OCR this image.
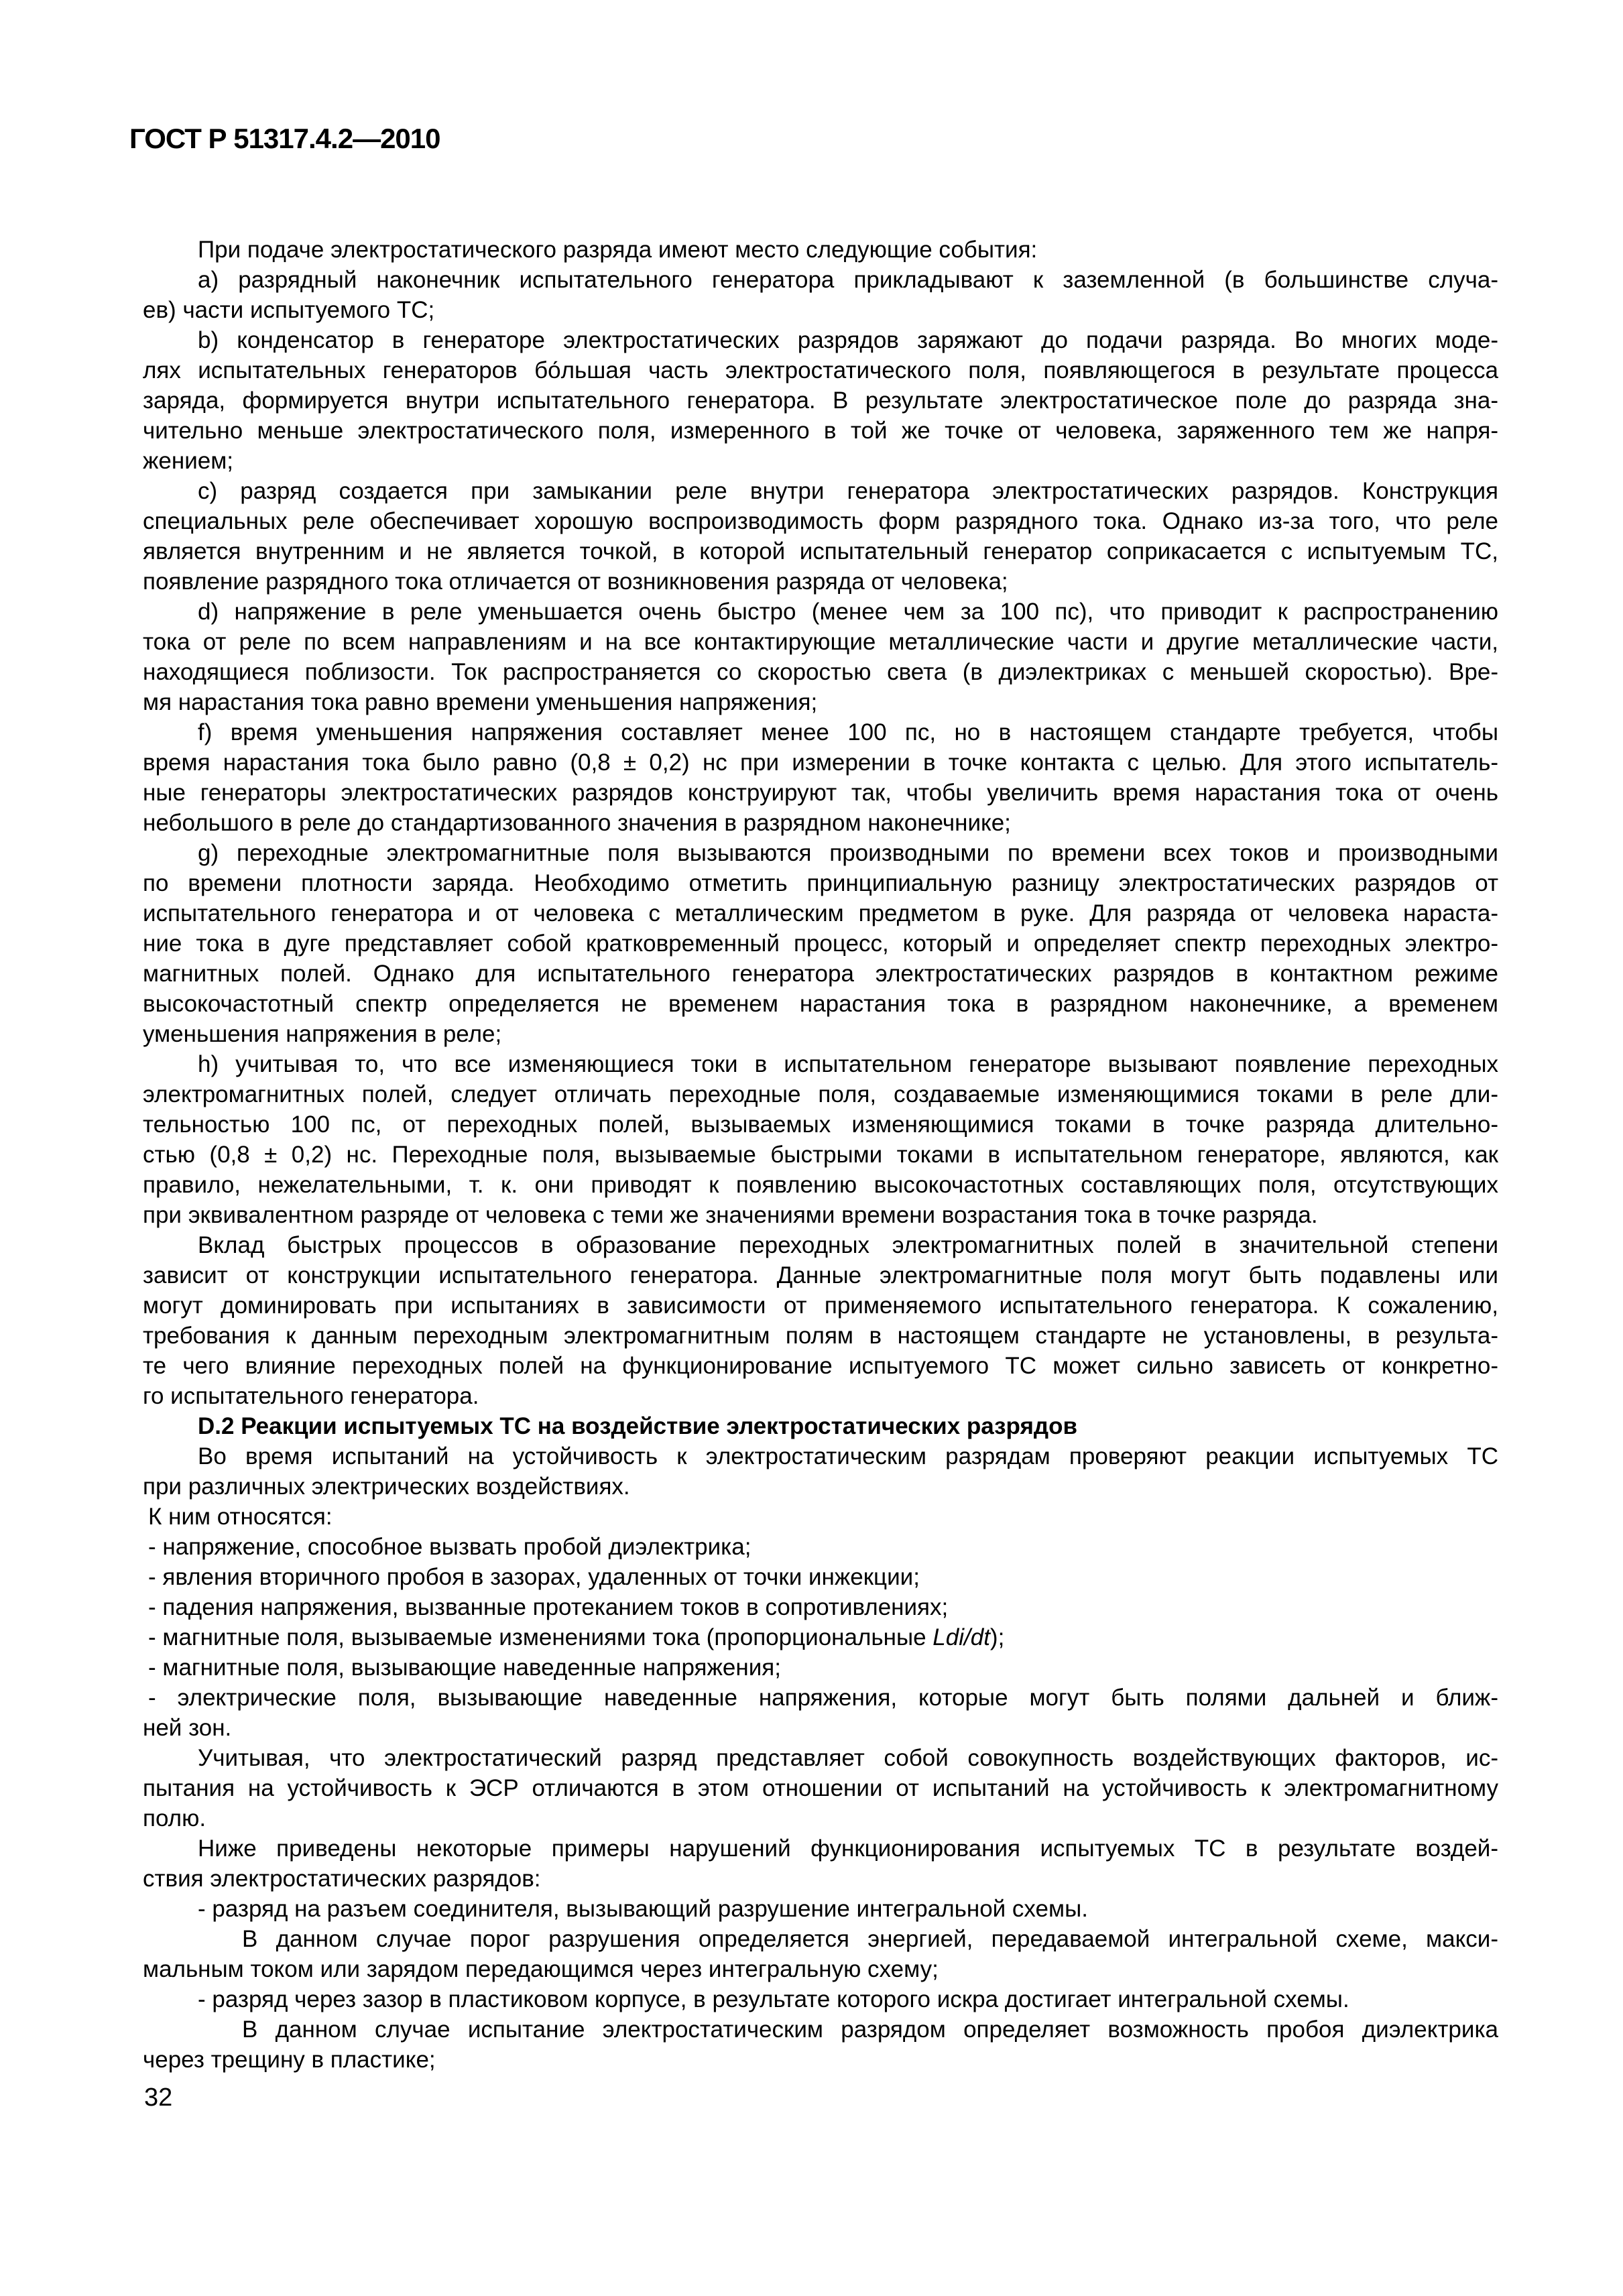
ГОСТ Р 51317.4.2—2010
При подаче электростатического разряда имеют место следующие события:
a) разрядный наконечник испытательного генератора прикладывают к заземленной (в большинстве случа-
ев) части испытуемого ТС;
b) конденсатор в генераторе электростатических разрядов заряжают до подачи разряда. Во многих моде-
лях испытательных генераторов бо́льшая часть электростатического поля, появляющегося в результате процесса
заряда, формируется внутри испытательного генератора. В результате электростатическое поле до разряда зна-
чительно меньше электростатического поля, измеренного в той же точке от человека, заряженного тем же напря-
жением;
c) разряд создается при замыкании реле внутри генератора электростатических разрядов. Конструкция
специальных реле обеспечивает хорошую воспроизводимость форм разрядного тока. Однако из-за того, что реле
является внутренним и не является точкой, в которой испытательный генератор соприкасается с испытуемым ТС,
появление разрядного тока отличается от возникновения разряда от человека;
d) напряжение в реле уменьшается очень быстро (менее чем за 100 пс), что приводит к распространению
тока от реле по всем направлениям и на все контактирующие металлические части и другие металлические части,
находящиеся поблизости. Ток распространяется со скоростью света (в диэлектриках с меньшей скоростью). Вре-
мя нарастания тока равно времени уменьшения напряжения;
f) время уменьшения напряжения составляет менее 100 пс, но в настоящем стандарте требуется, чтобы
время нарастания тока было равно (0,8 ± 0,2) нс при измерении в точке контакта с целью. Для этого испытатель-
ные генераторы электростатических разрядов конструируют так, чтобы увеличить время нарастания тока от очень
небольшого в реле до стандартизованного значения в разрядном наконечнике;
g) переходные электромагнитные поля вызываются производными по времени всех токов и производными
по времени плотности заряда. Необходимо отметить принципиальную разницу электростатических разрядов от
испытательного генератора и от человека с металлическим предметом в руке. Для разряда от человека нараста-
ние тока в дуге представляет собой кратковременный процесс, который и определяет спектр переходных электро-
магнитных полей. Однако для испытательного генератора электростатических разрядов в контактном режиме
высокочастотный спектр определяется не временем нарастания тока в разрядном наконечнике, а временем
уменьшения напряжения в реле;
h) учитывая то, что все изменяющиеся токи в испытательном генераторе вызывают появление переходных
электромагнитных полей, следует отличать переходные поля, создаваемые изменяющимися токами в реле дли-
тельностью 100 пс, от переходных полей, вызываемых изменяющимися токами в точке разряда длительно-
стью (0,8 ± 0,2) нс. Переходные поля, вызываемые быстрыми токами в испытательном генераторе, являются, как
правило, нежелательными, т. к. они приводят к появлению высокочастотных составляющих поля, отсутствующих
при эквивалентном разряде от человека с теми же значениями времени возрастания тока в точке разряда.
Вклад быстрых процессов в образование переходных электромагнитных полей в значительной степени
зависит от конструкции испытательного генератора. Данные электромагнитные поля могут быть подавлены или
могут доминировать при испытаниях в зависимости от применяемого испытательного генератора. К сожалению,
требования к данным переходным электромагнитным полям в настоящем стандарте не установлены, в результа-
те чего влияние переходных полей на функционирование испытуемого ТС может сильно зависеть от конкретно-
го испытательного генератора.
D.2 Реакции испытуемых ТС на воздействие электростатических разрядов
Во время испытаний на устойчивость к электростатическим разрядам проверяют реакции испытуемых ТС
при различных электрических воздействиях.
К ним относятся:
- напряжение, способное вызвать пробой диэлектрика;
- явления вторичного пробоя в зазорах, удаленных от точки инжекции;
- падения напряжения, вызванные протеканием токов в сопротивлениях;
- магнитные поля, вызываемые изменениями тока (пропорциональные Ldi/dt);
- магнитные поля, вызывающие наведенные напряжения;
- электрические поля, вызывающие наведенные напряжения, которые могут быть полями дальней и ближ-
ней зон.
Учитывая, что электростатический разряд представляет собой совокупность воздействующих факторов, ис-
пытания на устойчивость к ЭСР отличаются в этом отношении от испытаний на устойчивость к электромагнитному
полю.
Ниже приведены некоторые примеры нарушений функционирования испытуемых ТС в результате воздей-
ствия электростатических разрядов:
- разряд на разъем соединителя, вызывающий разрушение интегральной схемы.
В данном случае порог разрушения определяется энергией, передаваемой интегральной схеме, макси-
мальным током или зарядом передающимся через интегральную схему;
- разряд через зазор в пластиковом корпусе, в результате которого искра достигает интегральной схемы.
В данном случае испытание электростатическим разрядом определяет возможность пробоя диэлектрика
через трещину в пластике;
32
